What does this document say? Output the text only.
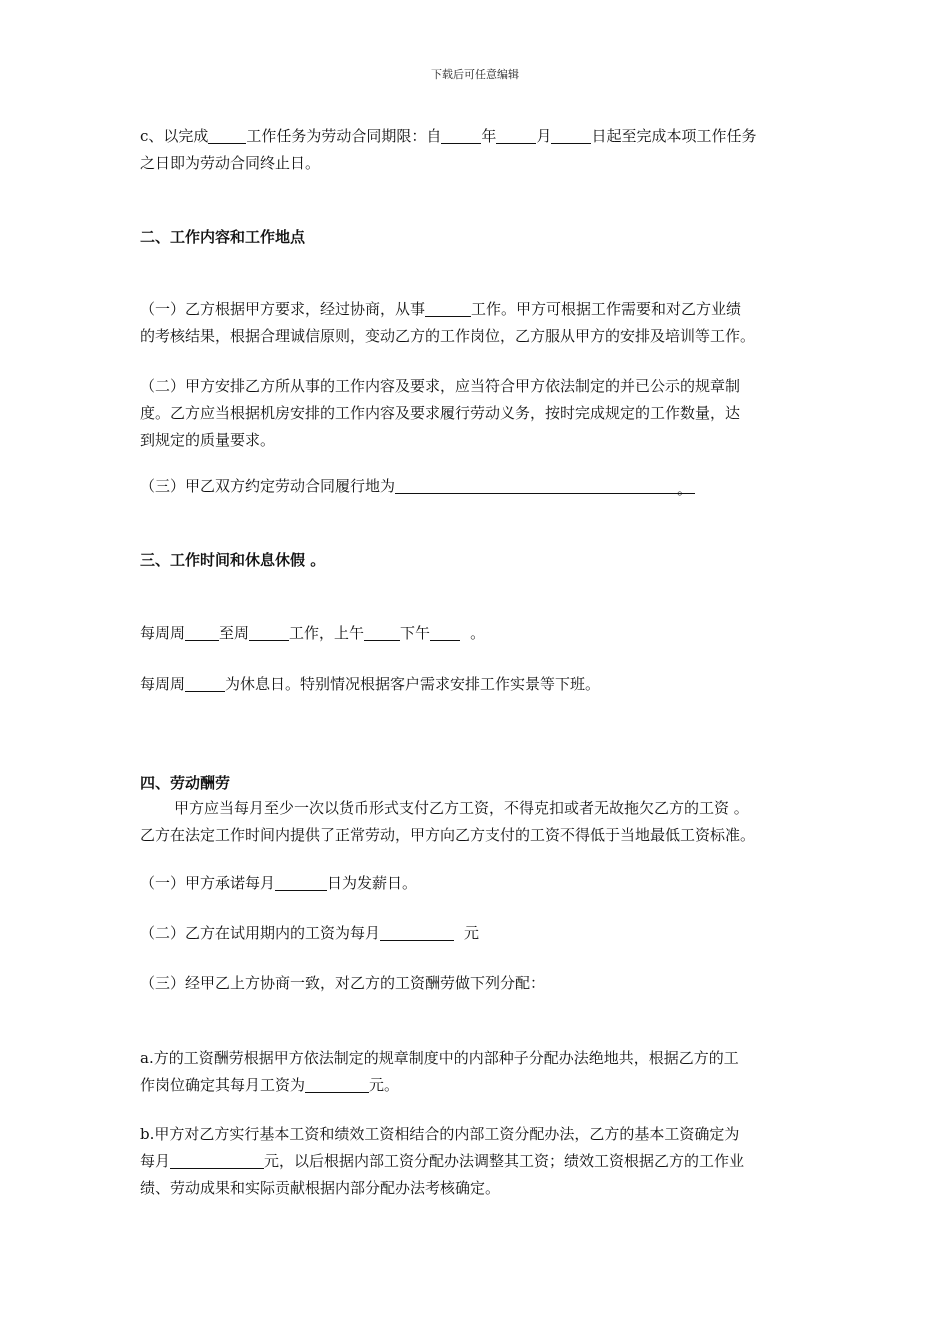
下载后可任意编辑
c、以完成	工作任务为劳动合同期限：自	年	月	日起至完成本项工作任务
之日即为劳动合同终止日。
二、工作内容和工作地点
（一）乙方根据甲方要求，经过协商，从事	工作。甲方可根据工作需要和对乙方业绩
的考核结果，根据合理诚信原则，变动乙方的工作岗位，乙方服从甲方的安排及培训等工作。
（二）甲方安排乙方所从事的工作内容及要求，应当符合甲方依法制定的并已公示的规章制
度。乙方应当根据机房安排的工作内容及要求履行劳动义务，按时完成规定的工作数量，达
到规定的质量要求。
（三）甲乙双方约定劳动合同履行地为	。
三、工作时间和休息休假 。
每周周 至周	工作，上午 下午	。
每周周	为休息日。特别情况根据客户需求安排工作实景等下班。
四、劳动酬劳
甲方应当每月至少一次以货币形式支付乙方工资，不得克扣或者无故拖欠乙方的工资 。
乙方在法定工作时间内提供了正常劳动，甲方向乙方支付的工资不得低于当地最低工资标准。
（一）甲方承诺每月	日为发薪日。
（二）乙方在试用期内的工资为每月	元
（三）经甲乙上方协商一致，对乙方的工资酬劳做下列分配：
a.方的工资酬劳根据甲方依法制定的规章制度中的内部种子分配办法绝地共，根据乙方的工
作岗位确定其每月工资为	元。
b.甲方对乙方实行基本工资和绩效工资相结合的内部工资分配办法，乙方的基本工资确定为
每月	元，以后根据内部工资分配办法调整其工资；绩效工资根据乙方的工作业
绩、劳动成果和实际贡献根据内部分配办法考核确定。
